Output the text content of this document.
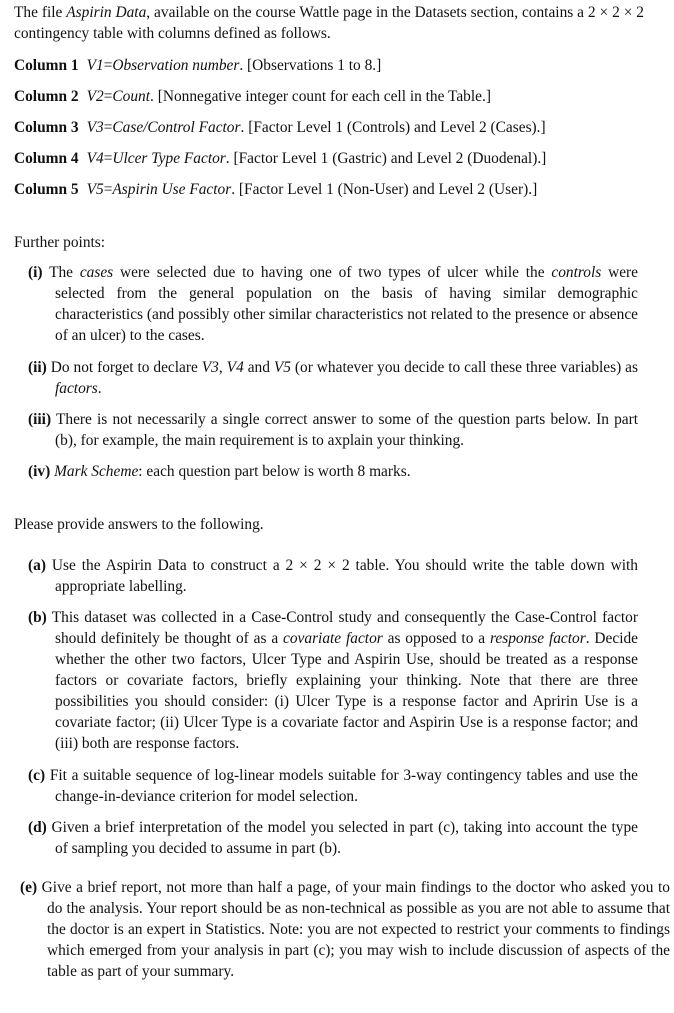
The file Aspirin Data, available on the course Wattle page in the Datasets section, contains a 2 × 2 × 2 contingency table with columns defined as follows.

Column 1 V1=Observation number. [Observations 1 to 8.]
Column 2 V2=Count. [Nonnegative integer count for each cell in the Table.]
Column 3 V3=Case/Control Factor. [Factor Level 1 (Controls) and Level 2 (Cases).]
Column 4 V4=Ulcer Type Factor. [Factor Level 1 (Gastric) and Level 2 (Duodenal).]
Column 5 V5=Aspirin Use Factor. [Factor Level 1 (Non-User) and Level 2 (User).]

Further points:

(i) The cases were selected due to having one of two types of ulcer while the controls were selected from the general population on the basis of having similar demographic characteristics (and possibly other similar characteristics not related to the presence or absence of an ulcer) to the cases.
(ii) Do not forget to declare V3, V4 and V5 (or whatever you decide to call these three variables) as factors.
(iii) There is not necessarily a single correct answer to some of the question parts below. In part (b), for example, the main requirement is to axplain your thinking.
(iv) Mark Scheme: each question part below is worth 8 marks.

Please provide answers to the following.

(a) Use the Aspirin Data to construct a 2 × 2 × 2 table. You should write the table down with appropriate labelling.
(b) This dataset was collected in a Case-Control study and consequently the Case-Control factor should definitely be thought of as a covariate factor as opposed to a response factor. Decide whether the other two factors, Ulcer Type and Aspirin Use, should be treated as a response factors or covariate factors, briefly explaining your thinking. Note that there are three possibilities you should consider: (i) Ulcer Type is a response factor and Apririn Use is a covariate factor; (ii) Ulcer Type is a covariate factor and Aspirin Use is a response factor; and (iii) both are response factors.
(c) Fit a suitable sequence of log-linear models suitable for 3-way contingency tables and use the change-in-deviance criterion for model selection.
(d) Given a brief interpretation of the model you selected in part (c), taking into account the type of sampling you decided to assume in part (b).
(e) Give a brief report, not more than half a page, of your main findings to the doctor who asked you to do the analysis. Your report should be as non-technical as possible as you are not able to assume that the doctor is an expert in Statistics. Note: you are not expected to restrict your comments to findings which emerged from your analysis in part (c); you may wish to include discussion of aspects of the table as part of your summary.
